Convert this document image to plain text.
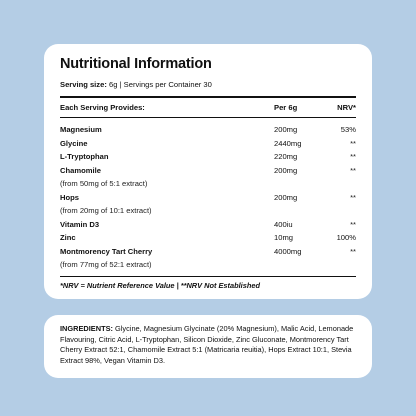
Nutritional Information
Serving size: 6g | Servings per Container 30
Each Serving Provides:	Per 6g	NRV*
Magnesium	200mg	53%
Glycine	2440mg	**
L-Tryptophan	220mg	**
Chamomile	200mg	**
(from 50mg of 5:1 extract)
Hops	200mg	**
(from 20mg of 10:1 extract)
Vitamin D3	400iu	**
Zinc	10mg	100%
Montmorency Tart Cherry	4000mg	**
(from 77mg of 52:1 extract)
*NRV = Nutrient Reference Value | **NRV Not Established

INGREDIENTS: Glycine, Magnesium Glycinate (20% Magnesium), Malic Acid, Lemonade Flavouring, Citric Acid, L-Tryptophan, Silicon Dioxide, Zinc Gluconate, Montmorency Tart Cherry Extract 52:1, Chamomile Extract 5:1 (Matricaria reuitia), Hops Extract 10:1, Stevia Extract 98%, Vegan Vitamin D3.
